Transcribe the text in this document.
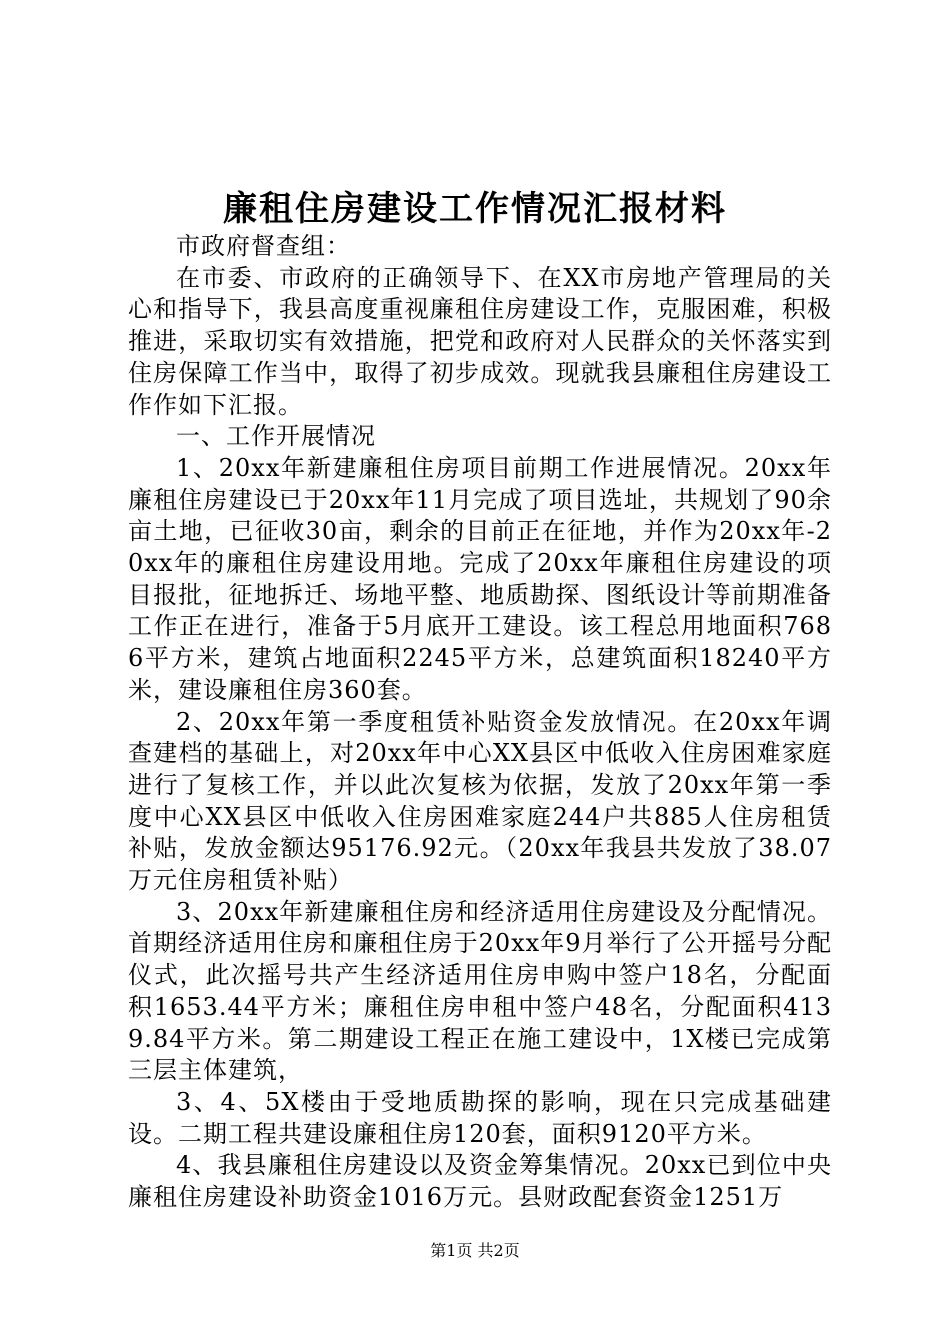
廉租住房建设工作情况汇报材料

市政府督查组：

在市委、市政府的正确领导下、在XX市房地产管理局的关心和指导下，我县高度重视廉租住房建设工作，克服困难，积极推进，采取切实有效措施，把党和政府对人民群众的关怀落实到住房保障工作当中，取得了初步成效。现就我县廉租住房建设工作作如下汇报。

一、工作开展情况

1、20xx年新建廉租住房项目前期工作进展情况。20xx年廉租住房建设已于20xx年11月完成了项目选址，共规划了90余亩土地，已征收30亩，剩余的目前正在征地，并作为20xx年-20xx年的廉租住房建设用地。完成了20xx年廉租住房建设的项目报批，征地拆迁、场地平整、地质勘探、图纸设计等前期准备工作正在进行，准备于5月底开工建设。该工程总用地面积7686平方米，建筑占地面积2245平方米，总建筑面积18240平方米，建设廉租住房360套。

2、20xx年第一季度租赁补贴资金发放情况。在20xx年调查建档的基础上，对20xx年中心XX县区中低收入住房困难家庭进行了复核工作，并以此次复核为依据，发放了20xx年第一季度中心XX县区中低收入住房困难家庭244户共885人住房租赁补贴，发放金额达95176.92元。（20xx年我县共发放了38.07万元住房租赁补贴）

3、20xx年新建廉租住房和经济适用住房建设及分配情况。首期经济适用住房和廉租住房于20xx年9月举行了公开摇号分配仪式，此次摇号共产生经济适用住房申购中签户18名，分配面积1653.44平方米；廉租住房申租中签户48名，分配面积4139.84平方米。第二期建设工程正在施工建设中，1X楼已完成第三层主体建筑，

3、4、5X楼由于受地质勘探的影响，现在只完成基础建设。二期工程共建设廉租住房120套，面积9120平方米。

4、我县廉租住房建设以及资金筹集情况。20xx已到位中央廉租住房建设补助资金1016万元。县财政配套资金1251万

第1页 共2页
